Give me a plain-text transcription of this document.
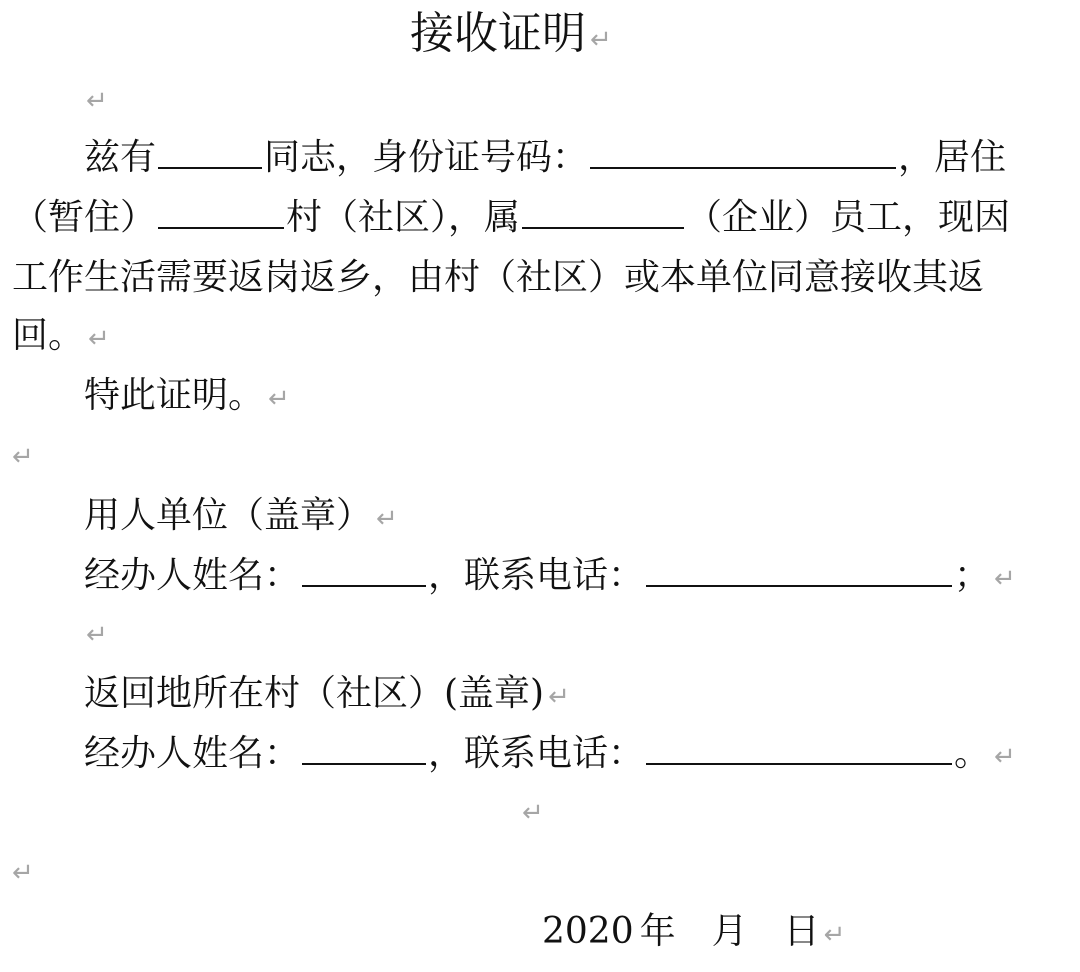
接收证明 ↵
↵
兹有	同志，身份证号码：	，居住
（暂住）	村（社区），属	（企业）员工，现因
工作生活需要返岗返乡，由村（社区）或本单位同意接收其返
回。 ↵
特此证明。 ↵
↵
用人单位（盖章） ↵
经办人姓名：	，联系电话：	； ↵
↵
返回地所在村（社区）(盖章) ↵
经办人姓名：	，联系电话：	。 ↵
↵
↵
2020 年 月 日 ↵
